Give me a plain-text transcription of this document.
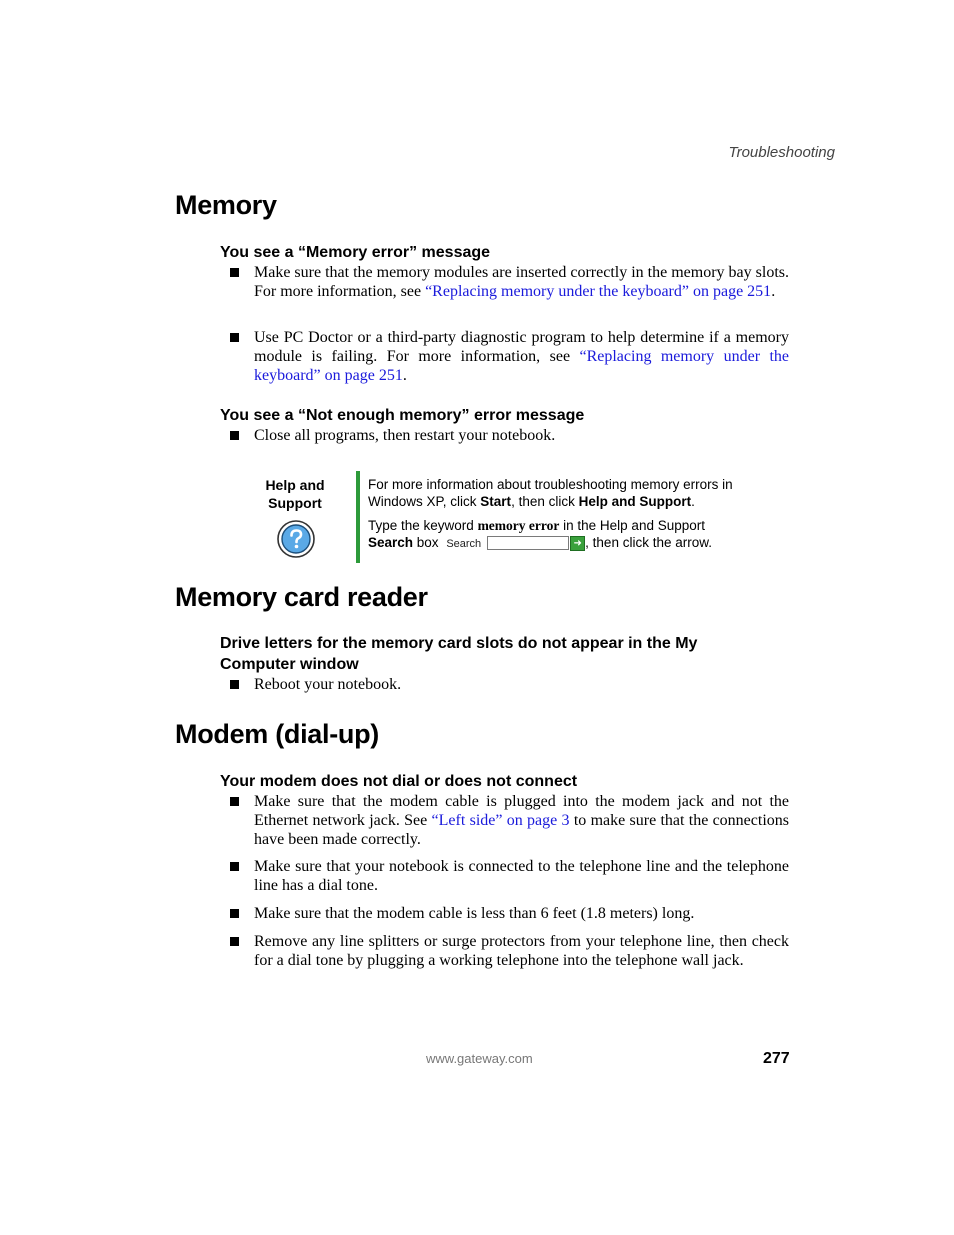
Troubleshooting
Memory
You see a “Memory error” message
Make sure that the memory modules are inserted correctly in the memory bay slots. For more information, see “Replacing memory under the keyboard” on page 251.
Use PC Doctor or a third-party diagnostic program to help determine if a memory module is failing. For more information, see “Replacing memory under the keyboard” on page 251.
You see a “Not enough memory” error message
Close all programs, then restart your notebook.
Help and Support
For more information about troubleshooting memory errors in Windows XP, click Start, then click Help and Support.
Type the keyword memory error in the Help and Support Search box Search	➜ , then click the arrow.
Memory card reader
Drive letters for the memory card slots do not appear in the My Computer window
Reboot your notebook.
Modem (dial-up)
Your modem does not dial or does not connect
Make sure that the modem cable is plugged into the modem jack and not the Ethernet network jack. See “Left side” on page 3 to make sure that the connections have been made correctly.
Make sure that your notebook is connected to the telephone line and the telephone line has a dial tone.
Make sure that the modem cable is less than 6 feet (1.8 meters) long.
Remove any line splitters or surge protectors from your telephone line, then check for a dial tone by plugging a working telephone into the telephone wall jack.
www.gateway.com	277
